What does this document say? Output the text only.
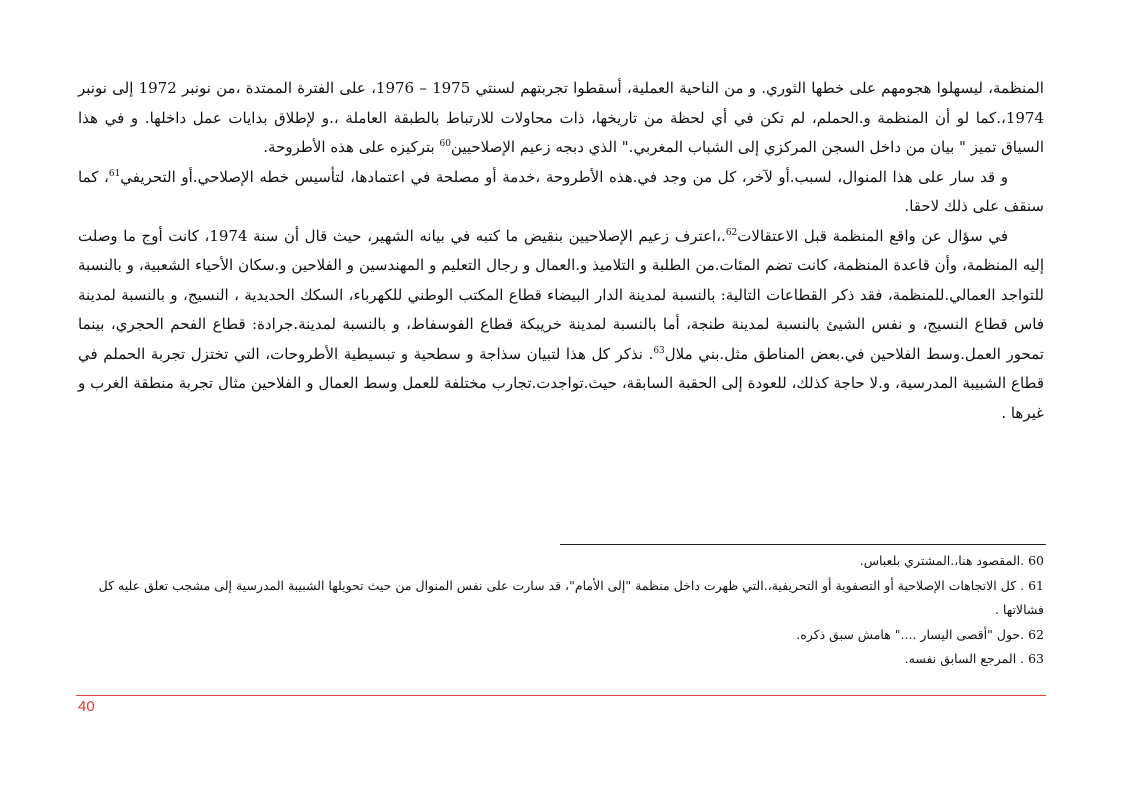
المنظمة، ليسهلوا هجومهم على خطها الثوري. و من الناحية العملية، أسقطوا تجربتهم لسنتي 1975 – 1976، على الفترة الممتدة ،من نونبر 1972 إلى نونبر 1974،.كما لو أن المنظمة و.الحملم، لم تكن في أي لحظة من تاريخها، ذات محاولات للارتباط بالطبقة العاملة ،.و لإطلاق بدايات عمل داخلها. و في هذا السياق تميز " بيان من داخل السجن المركزي إلى الشباب المغربي." الذي دبجه زعيم الإصلاحيين$^{60}$ بتركيزه على هذه الأطروحة.

و قد سار على هذا المنوال، لسبب.أو لآخر، كل من وجد في.هذه الأطروحة ،خدمة أو مصلحة في اعتمادها، لتأسيس خطه الإصلاحي.أو التحريفي$^{61}$، كما سنقف على ذلك لاحقا.

في سؤال عن واقع المنظمة قبل الاعتقالات$^{62}$.،اعترف زعيم الإصلاحيين بنقيض ما كتبه في بيانه الشهير، حيث قال أن سنة 1974، كانت أوج ما وصلت إليه المنظمة، وأن قاعدة المنظمة، كانت تضم المئات.من الطلبة و التلاميذ و.العمال و رجال التعليم و المهندسين و الفلاحين و.سكان الأحياء الشعبية، و بالنسبة للتواجد العمالي.للمنظمة، فقد ذكر القطاعات التالية: بالنسبة لمدينة الدار البيضاء قطاع المكتب الوطني للكهرباء، السكك الحديدية ، النسيج، و بالنسبة لمدينة فاس قطاع النسيج، و نفس الشيئ بالنسبة لمدينة طنجة، أما بالنسبة لمدينة خريبكة قطاع الفوسفاط، و بالنسبة لمدينة.جرادة: قطاع الفحم الحجري، بينما تمحور العمل.وسط الفلاحين في.بعض المناطق مثل.بني ملال$^{63}$. نذكر كل هذا لتبيان سذاجة و سطحية و تبسيطية الأطروحات، التي تختزل تجربة الحملم في قطاع الشبيبة المدرسية، و.لا حاجة كذلك، للعودة إلى الحقبة السابقة، حيث.تواجدت.تجارب مختلفة للعمل وسط العمال و الفلاحين مثال تجربة منطقة الغرب و غيرها .

60 .المقصود هنا،.المشتري بلعباس.

61 . كل الاتجاهات الإصلاحية أو التصفوية أو التحريفية،.التي ظهرت داخل منظمة "إلى الأمام"، قد سارت على نفس المنوال من حيث تحويلها الشبيبة المدرسية إلى مشجب تعلق عليه كل فشالاتها .

62 .حول "أقصى اليسار ...." هامش سبق ذكره.

63 . المرجع السابق نفسه.

40
